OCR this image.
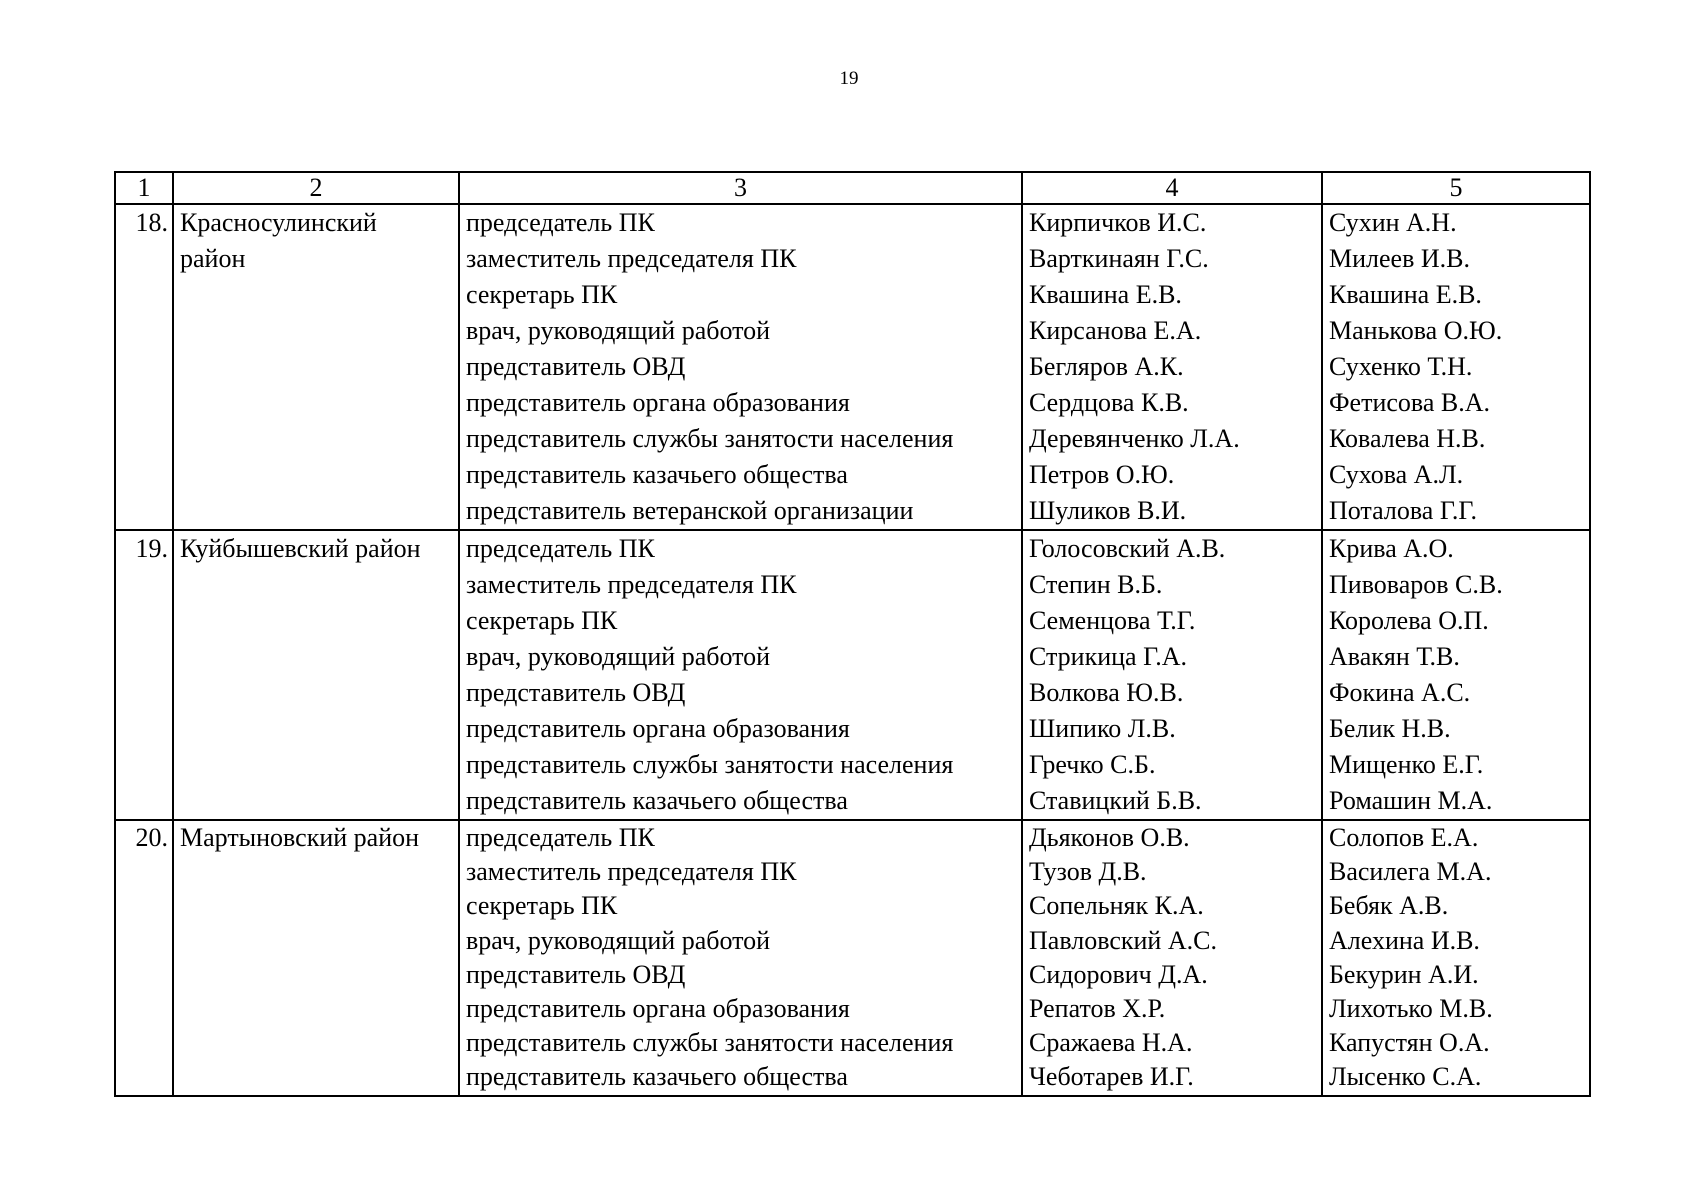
19
1	2	3	4	5
18.	Красносулинский	председатель ПК	Кирпичков И.С.	Сухин А.Н.
	район	заместитель председателя ПК	Варткинаян Г.С.	Милеев И.В.
		секретарь ПК	Квашина Е.В.	Квашина Е.В.
		врач, руководящий работой	Кирсанова Е.А.	Манькова О.Ю.
		представитель ОВД	Бегляров А.К.	Сухенко Т.Н.
		представитель органа образования	Сердцова К.В.	Фетисова В.А.
		представитель службы занятости населения	Деревянченко Л.А.	Ковалева Н.В.
		представитель казачьего общества	Петров О.Ю.	Сухова А.Л.
		представитель ветеранской организации	Шуликов В.И.	Поталова Г.Г.
19.	Куйбышевский район	председатель ПК	Голосовский А.В.	Крива А.О.
		заместитель председателя ПК	Степин В.Б.	Пивоваров С.В.
		секретарь ПК	Семенцова Т.Г.	Королева О.П.
		врач, руководящий работой	Стрикица Г.А.	Авакян Т.В.
		представитель ОВД	Волкова Ю.В.	Фокина А.С.
		представитель органа образования	Шипико Л.В.	Белик Н.В.
		представитель службы занятости населения	Гречко С.Б.	Мищенко Е.Г.
		представитель казачьего общества	Ставицкий Б.В.	Ромашин М.А.
20.	Мартыновский район	председатель ПК	Дьяконов О.В.	Солопов Е.А.
		заместитель председателя ПК	Тузов Д.В.	Василега М.А.
		секретарь ПК	Сопельняк К.А.	Бебяк А.В.
		врач, руководящий работой	Павловский А.С.	Алехина И.В.
		представитель ОВД	Сидорович Д.А.	Бекурин А.И.
		представитель органа образования	Репатов Х.Р.	Лихотько М.В.
		представитель службы занятости населения	Сражаева Н.А.	Капустян О.А.
		представитель казачьего общества	Чеботарев И.Г.	Лысенко С.А.
